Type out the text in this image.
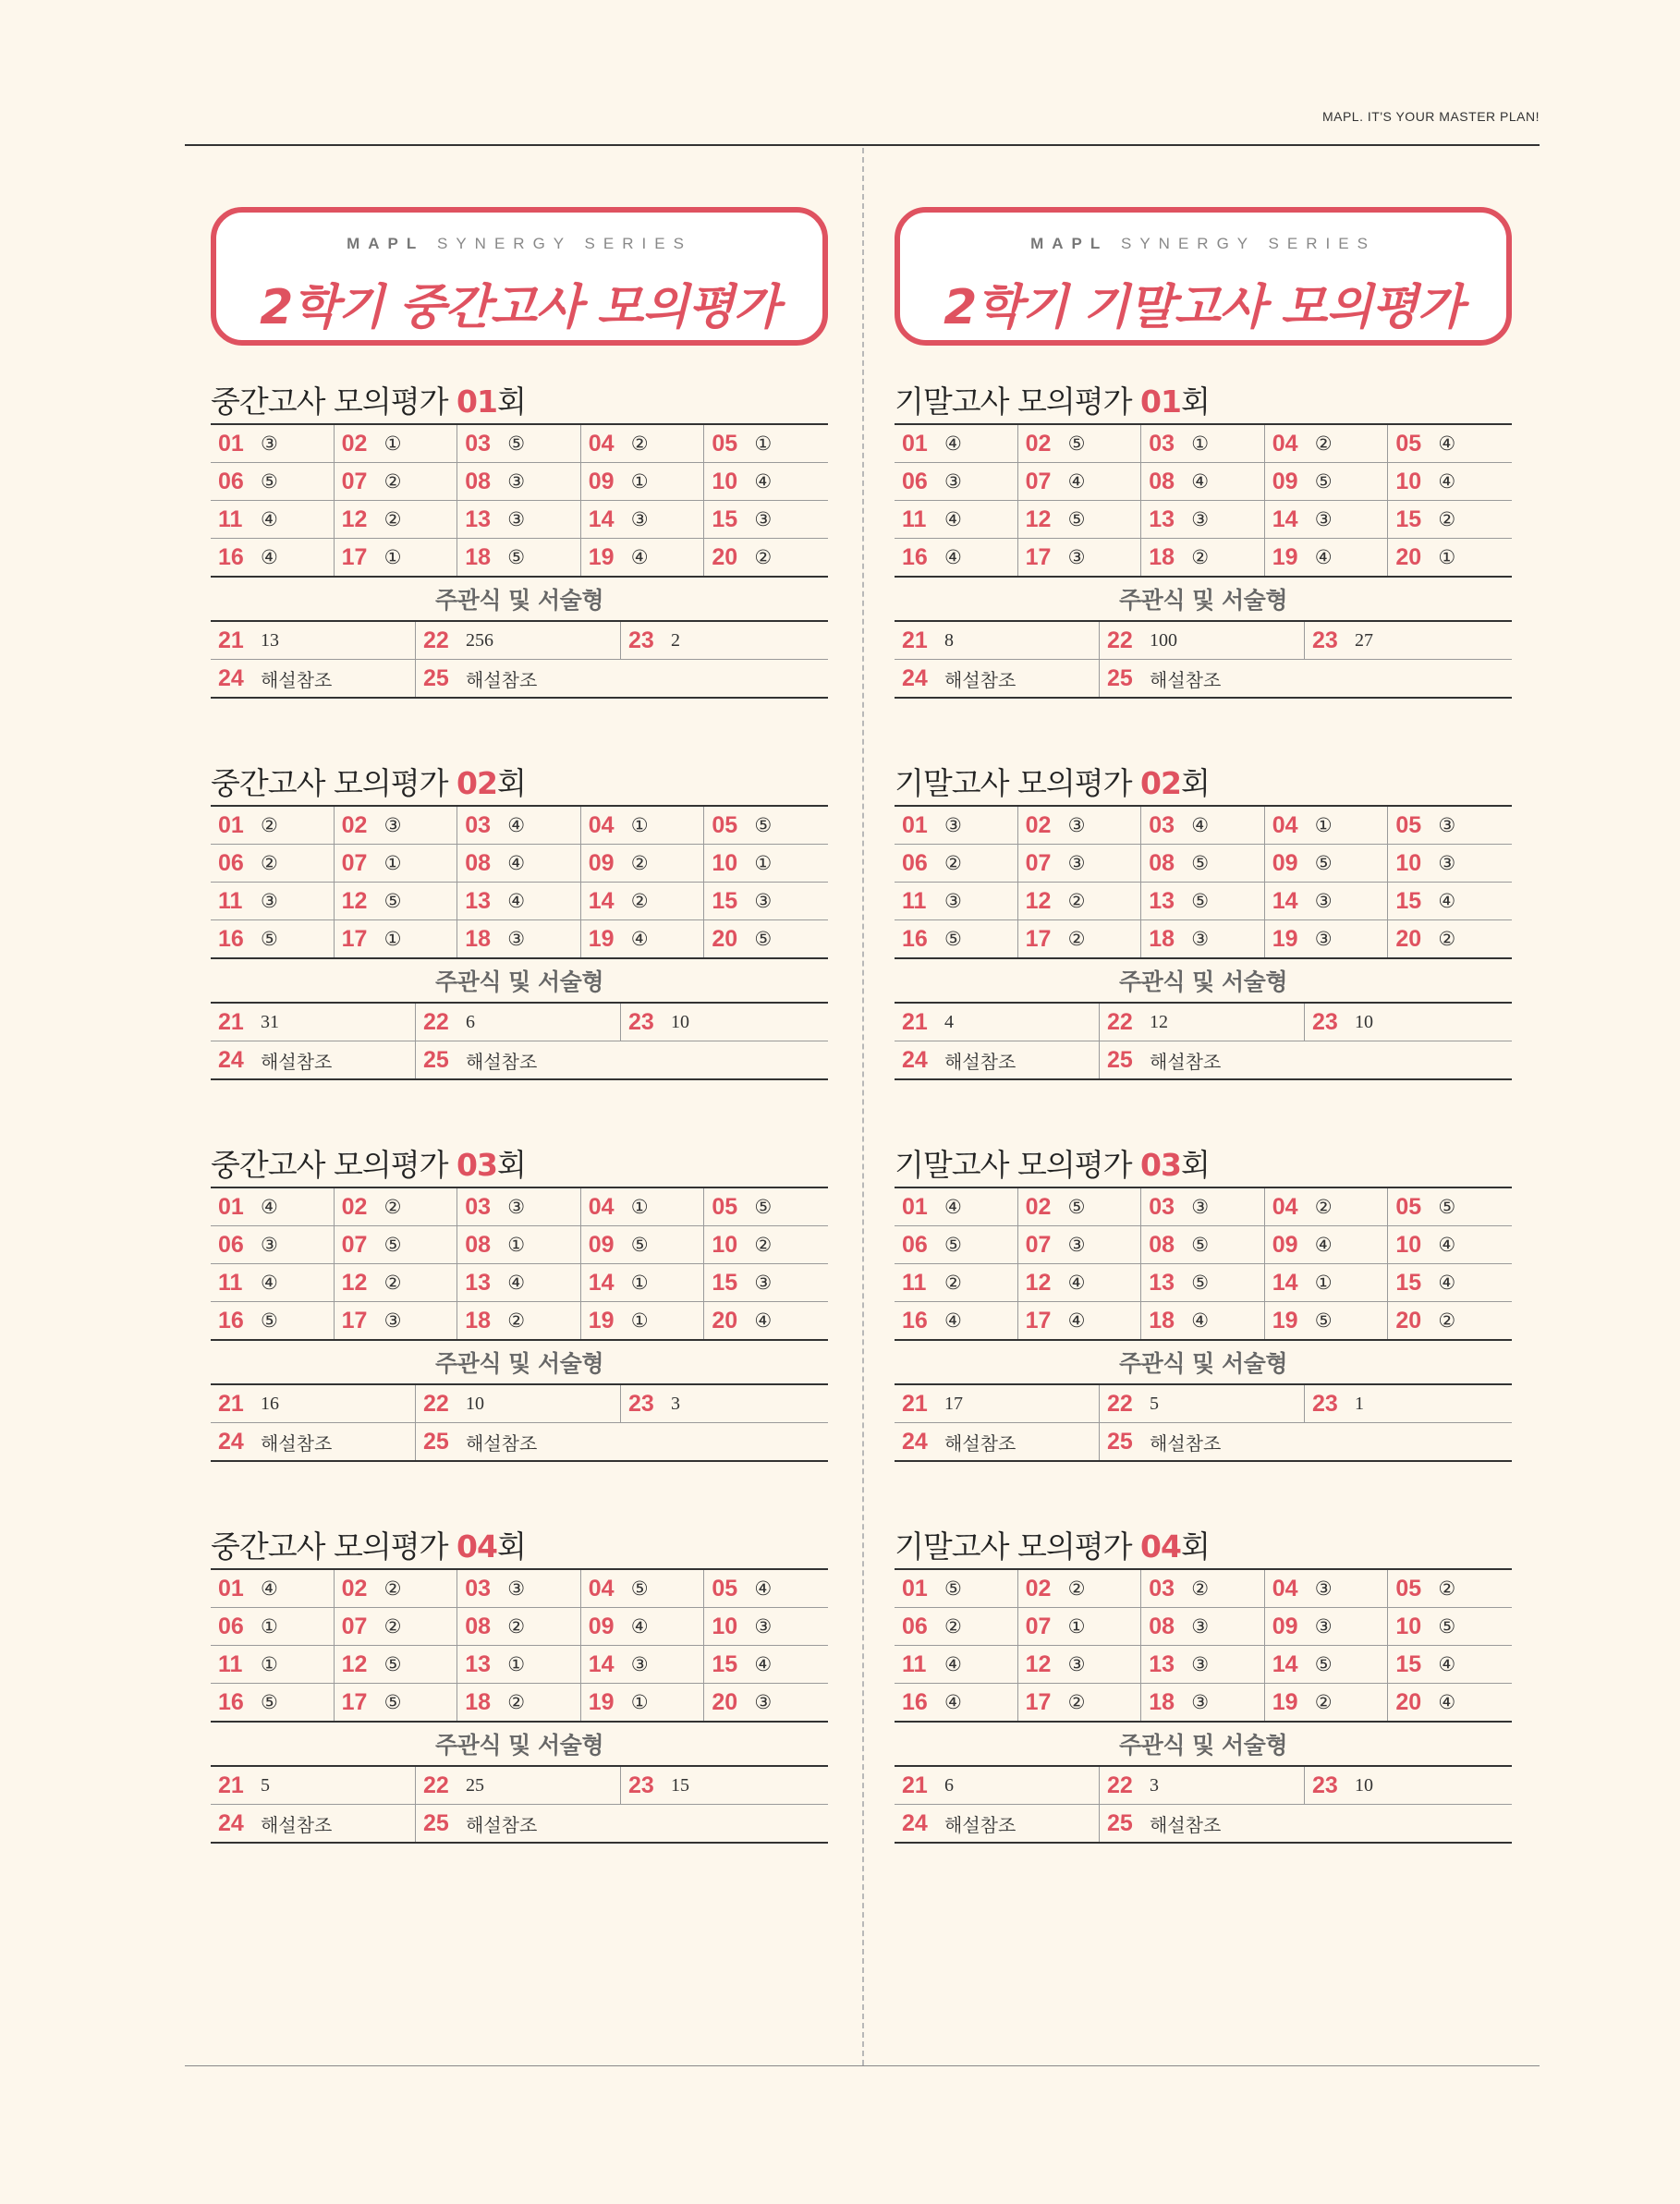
MAPL. IT'S YOUR MASTER PLAN!
MAPL SYNERGY SERIES
2학기 중간고사 모의평가
중간고사 모의평가 01회
01 ③	02 ①	03 ⑤	04 ②	05 ①
06 ⑤	07 ②	08 ③	09 ①	10 ④
11 ④	12 ②	13 ③	14 ③	15 ③
16 ④	17 ①	18 ⑤	19 ④	20 ②
주관식 및 서술형
21 13	22 256	23 2
24 해설참조	25 해설참조
중간고사 모의평가 02회
01 ②	02 ③	03 ④	04 ①	05 ⑤
06 ②	07 ①	08 ④	09 ②	10 ①
11 ③	12 ⑤	13 ④	14 ②	15 ③
16 ⑤	17 ①	18 ③	19 ④	20 ⑤
주관식 및 서술형
21 31	22 6	23 10
24 해설참조	25 해설참조
중간고사 모의평가 03회
01 ④	02 ②	03 ③	04 ①	05 ⑤
06 ③	07 ⑤	08 ①	09 ⑤	10 ②
11 ④	12 ②	13 ④	14 ①	15 ③
16 ⑤	17 ③	18 ②	19 ①	20 ④
주관식 및 서술형
21 16	22 10	23 3
24 해설참조	25 해설참조
중간고사 모의평가 04회
01 ④	02 ②	03 ③	04 ⑤	05 ④
06 ①	07 ②	08 ②	09 ④	10 ③
11 ①	12 ⑤	13 ①	14 ③	15 ④
16 ⑤	17 ⑤	18 ②	19 ①	20 ③
주관식 및 서술형
21 5	22 25	23 15
24 해설참조	25 해설참조
MAPL SYNERGY SERIES
2학기 기말고사 모의평가
기말고사 모의평가 01회
01 ④	02 ⑤	03 ①	04 ②	05 ④
06 ③	07 ④	08 ④	09 ⑤	10 ④
11 ④	12 ⑤	13 ③	14 ③	15 ②
16 ④	17 ③	18 ②	19 ④	20 ①
주관식 및 서술형
21 8	22 100	23 27
24 해설참조	25 해설참조
기말고사 모의평가 02회
01 ③	02 ③	03 ④	04 ①	05 ③
06 ②	07 ③	08 ⑤	09 ⑤	10 ③
11 ③	12 ②	13 ⑤	14 ③	15 ④
16 ⑤	17 ②	18 ③	19 ③	20 ②
주관식 및 서술형
21 4	22 12	23 10
24 해설참조	25 해설참조
기말고사 모의평가 03회
01 ④	02 ⑤	03 ③	04 ②	05 ⑤
06 ⑤	07 ③	08 ⑤	09 ④	10 ④
11 ②	12 ④	13 ⑤	14 ①	15 ④
16 ④	17 ④	18 ④	19 ⑤	20 ②
주관식 및 서술형
21 17	22 5	23 1
24 해설참조	25 해설참조
기말고사 모의평가 04회
01 ⑤	02 ②	03 ②	04 ③	05 ②
06 ②	07 ①	08 ③	09 ③	10 ⑤
11 ④	12 ③	13 ③	14 ⑤	15 ④
16 ④	17 ②	18 ③	19 ②	20 ④
주관식 및 서술형
21 6	22 3	23 10
24 해설참조	25 해설참조
